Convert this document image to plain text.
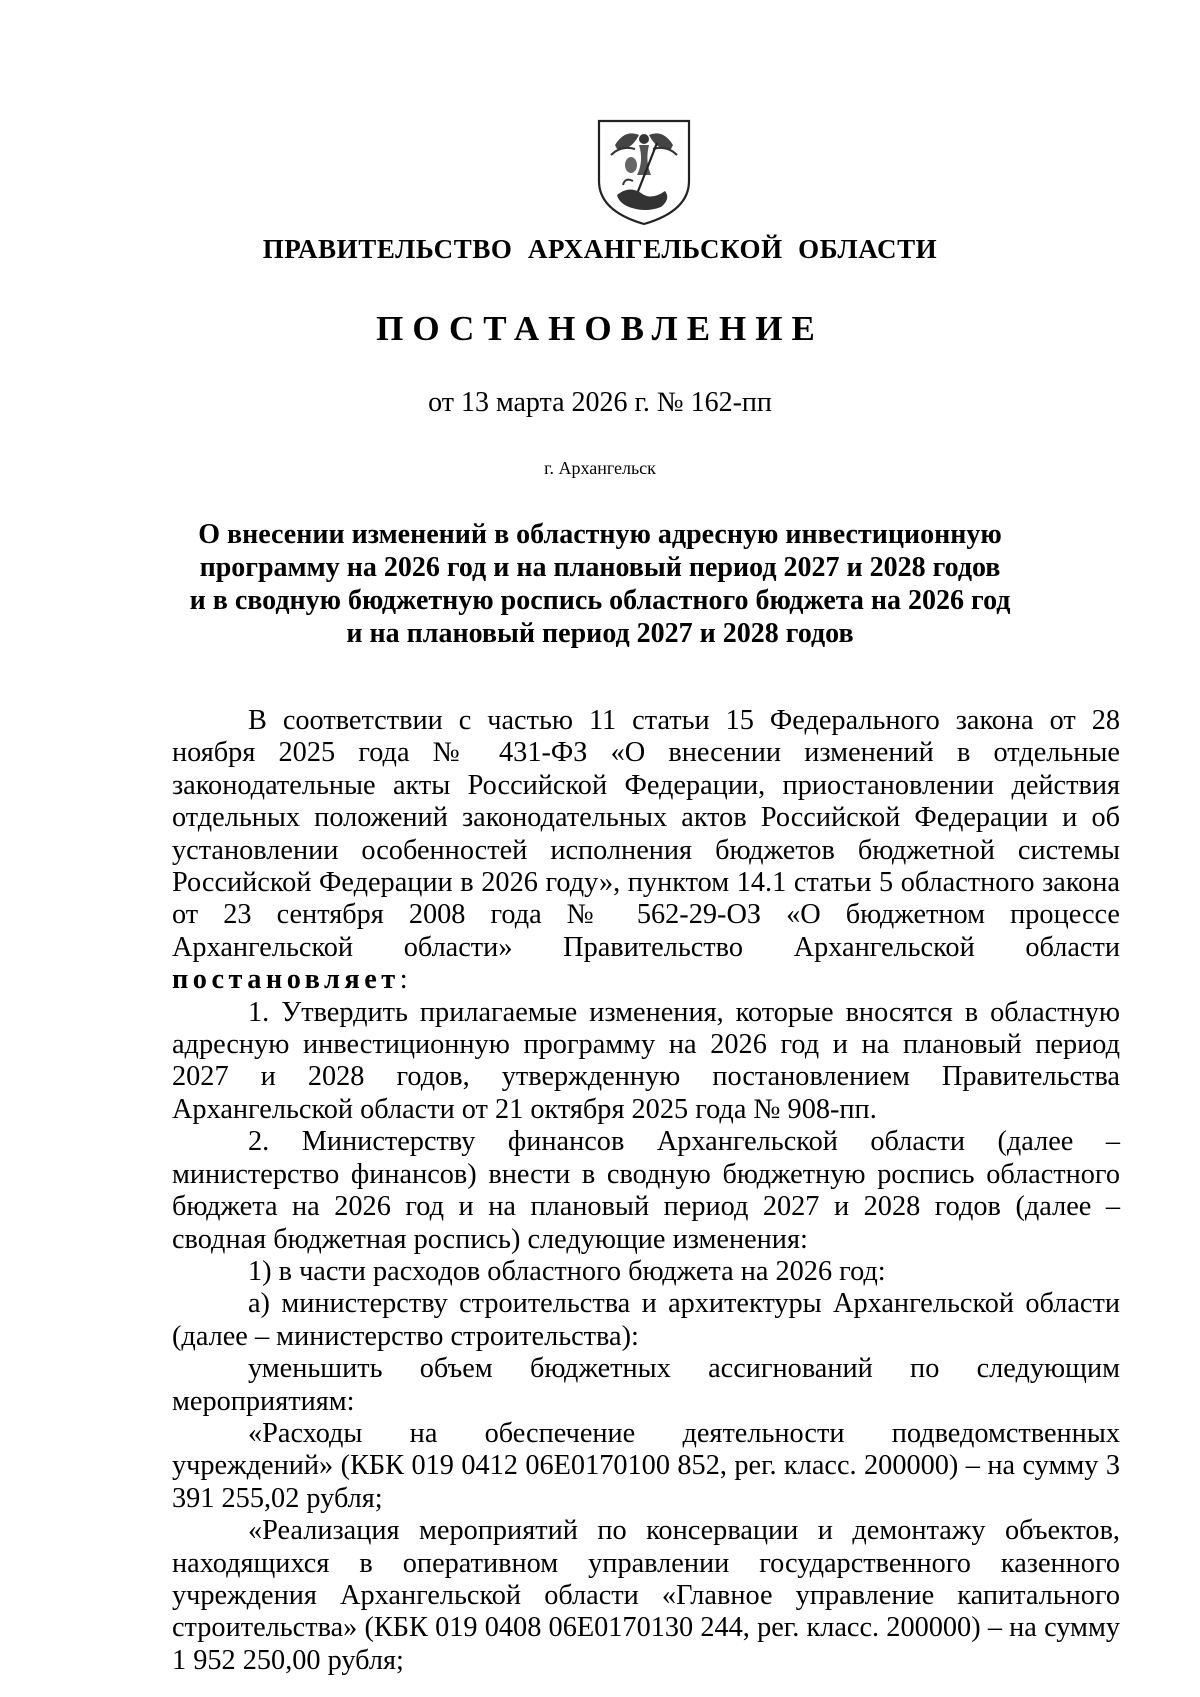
ПРАВИТЕЛЬСТВО АРХАНГЕЛЬСКОЙ ОБЛАСТИ
ПОСТАНОВЛЕНИЕ
от 13 марта 2026 г. № 162-пп
г. Архангельск
О внесении изменений в областную адресную инвестиционную
программу на 2026 год и на плановый период 2027 и 2028 годов
и в сводную бюджетную роспись областного бюджета на 2026 год
и на плановый период 2027 и 2028 годов

В соответствии с частью 11 статьи 15 Федерального закона от 28 ноября 2025 года № 431-ФЗ «О внесении изменений в отдельные законодательные акты Российской Федерации, приостановлении действия отдельных положений законодательных актов Российской Федерации и об установлении особенностей исполнения бюджетов бюджетной системы Российской Федерации в 2026 году», пунктом 14.1 статьи 5 областного закона от 23 сентября 2008 года № 562-29-ОЗ «О бюджетном процессе Архангельской области» Правительство Архангельской области постановляет:

1. Утвердить прилагаемые изменения, которые вносятся в областную адресную инвестиционную программу на 2026 год и на плановый период 2027 и 2028 годов, утвержденную постановлением Правительства Архангельской области от 21 октября 2025 года № 908-пп.

2. Министерству финансов Архангельской области (далее – министерство финансов) внести в сводную бюджетную роспись областного бюджета на 2026 год и на плановый период 2027 и 2028 годов (далее – сводная бюджетная роспись) следующие изменения:

1) в части расходов областного бюджета на 2026 год:

а) министерству строительства и архитектуры Архангельской области (далее – министерство строительства):

уменьшить объем бюджетных ассигнований по следующим мероприятиям:

«Расходы на обеспечение деятельности подведомственных учреждений» (КБК 019 0412 06Е0170100 852, рег. класс. 200000) – на сумму 3 391 255,02 рубля;

«Реализация мероприятий по консервации и демонтажу объектов, находящихся в оперативном управлении государственного казенного учреждения Архангельской области «Главное управление капитального строительства» (КБК 019 0408 06Е0170130 244, рег. класс. 200000) – на сумму 1 952 250,00 рубля;
